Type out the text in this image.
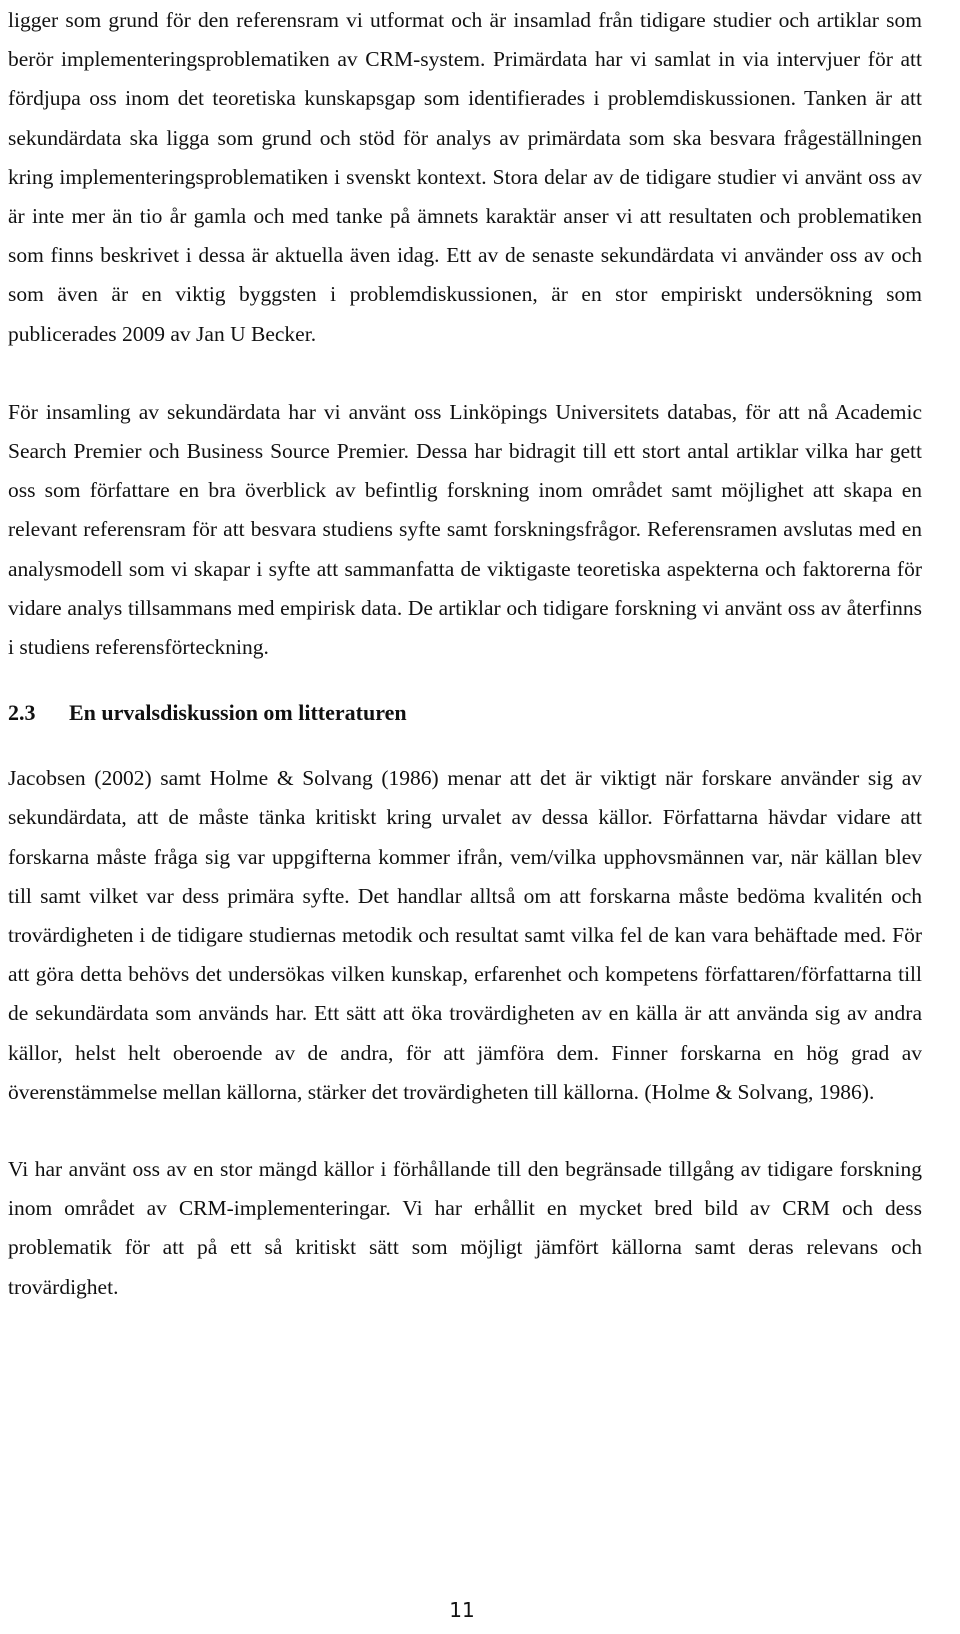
ligger som grund för den referensram vi utformat och är insamlad från tidigare studier och artiklar som berör implementeringsproblematiken av CRM-system. Primärdata har vi samlat in via intervjuer för att fördjupa oss inom det teoretiska kunskapsgap som identifierades i problemdiskussionen. Tanken är att sekundärdata ska ligga som grund och stöd för analys av primärdata som ska besvara frågeställningen kring implementeringsproblematiken i svenskt kontext. Stora delar av de tidigare studier vi använt oss av är inte mer än tio år gamla och med tanke på ämnets karaktär anser vi att resultaten och problematiken som finns beskrivet i dessa är aktuella även idag. Ett av de senaste sekundärdata vi använder oss av och som även är en viktig byggsten i problemdiskussionen, är en stor empiriskt undersökning som publicerades 2009 av Jan U Becker.

För insamling av sekundärdata har vi använt oss Linköpings Universitets databas, för att nå Academic Search Premier och Business Source Premier. Dessa har bidragit till ett stort antal artiklar vilka har gett oss som författare en bra överblick av befintlig forskning inom området samt möjlighet att skapa en relevant referensram för att besvara studiens syfte samt forskningsfrågor. Referensramen avslutas med en analysmodell som vi skapar i syfte att sammanfatta de viktigaste teoretiska aspekterna och faktorerna för vidare analys tillsammans med empirisk data. De artiklar och tidigare forskning vi använt oss av återfinns i studiens referensförteckning.

2.3	En urvalsdiskussion om litteraturen

Jacobsen (2002) samt Holme & Solvang (1986) menar att det är viktigt när forskare använder sig av sekundärdata, att de måste tänka kritiskt kring urvalet av dessa källor. Författarna hävdar vidare att forskarna måste fråga sig var uppgifterna kommer ifrån, vem/vilka upphovsmännen var, när källan blev till samt vilket var dess primära syfte. Det handlar alltså om att forskarna måste bedöma kvalitén och trovärdigheten i de tidigare studiernas metodik och resultat samt vilka fel de kan vara behäftade med. För att göra detta behövs det undersökas vilken kunskap, erfarenhet och kompetens författaren/författarna till de sekundärdata som används har. Ett sätt att öka trovärdigheten av en källa är att använda sig av andra källor, helst helt oberoende av de andra, för att jämföra dem. Finner forskarna en hög grad av överenstämmelse mellan källorna, stärker det trovärdigheten till källorna. (Holme & Solvang, 1986).

Vi har använt oss av en stor mängd källor i förhållande till den begränsade tillgång av tidigare forskning inom området av CRM-implementeringar. Vi har erhållit en mycket bred bild av CRM och dess problematik för att på ett så kritiskt sätt som möjligt jämfört källorna samt deras relevans och trovärdighet.

11
